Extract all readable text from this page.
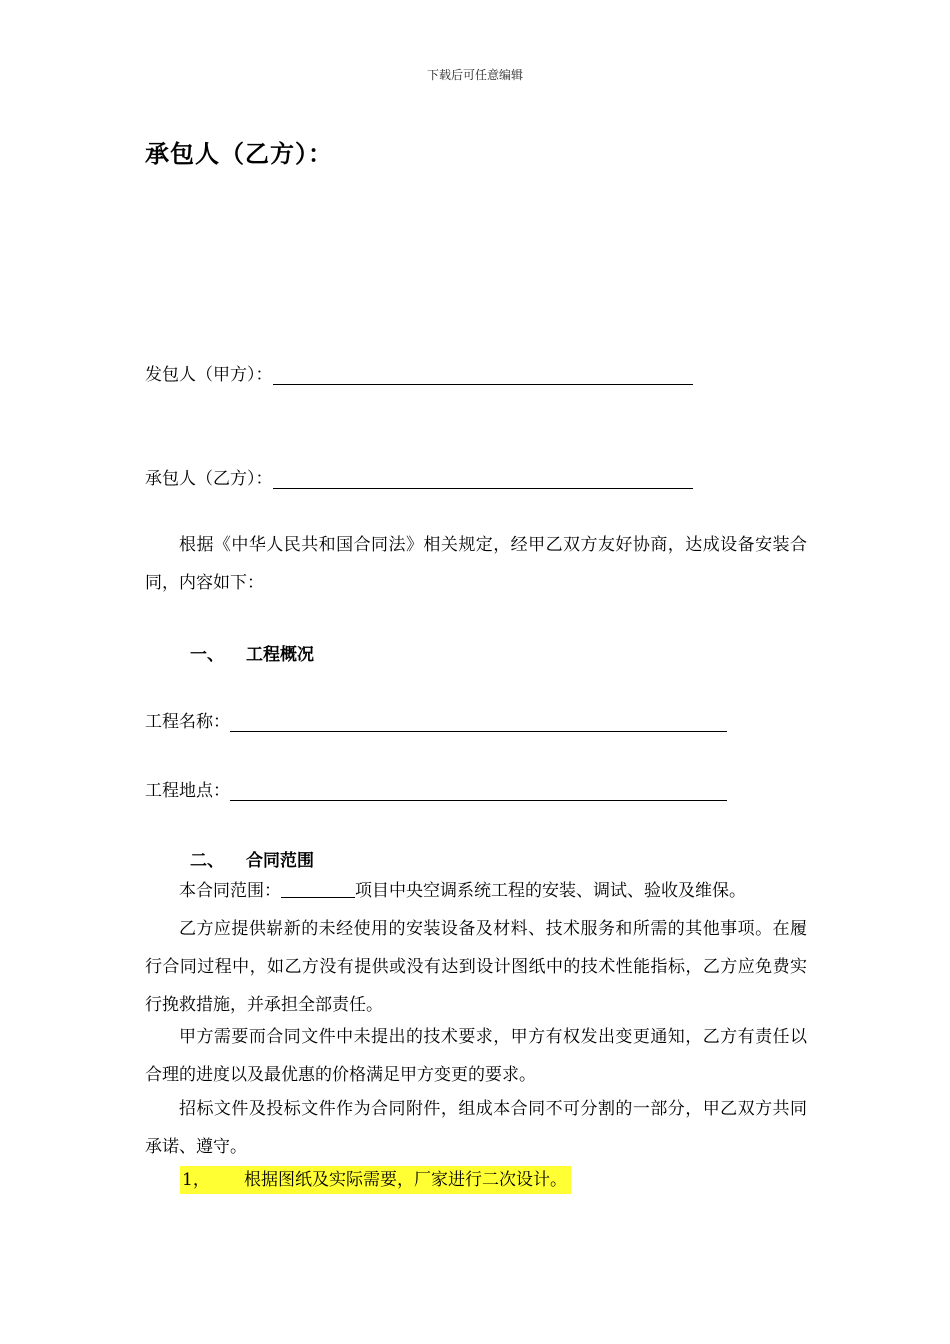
下载后可任意编辑
承包人（乙方）：
发包人（甲方）：
承包人（乙方）：
根据《中华人民共和国合同法》相关规定，经甲乙双方友好协商，达成设备安装合同，内容如下：
一、 工程概况
工程名称：
工程地点：
二、 合同范围
本合同范围：	项目中央空调系统工程的安装、调试、验收及维保。
乙方应提供崭新的未经使用的安装设备及材料、技术服务和所需的其他事项。在履行合同过程中，如乙方没有提供或没有达到设计图纸中的技术性能指标，乙方应免费实行挽救措施，并承担全部责任。
甲方需要而合同文件中未提出的技术要求，甲方有权发出变更通知，乙方有责任以合理的进度以及最优惠的价格满足甲方变更的要求。
招标文件及投标文件作为合同附件，组成本合同不可分割的一部分，甲乙双方共同承诺、遵守。
1， 根据图纸及实际需要，厂家进行二次设计。
